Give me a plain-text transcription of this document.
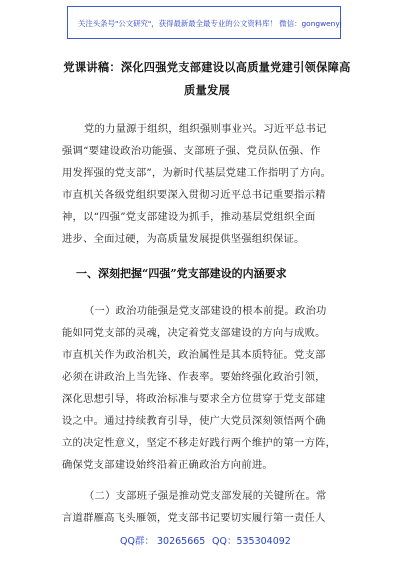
关注头条号"公文研究"，获得最新最全最专业的公文资料库！ 微信：gongwenyj
党课讲稿：深化四强党支部建设以高质量党建引领保障高
质量发展
党的力量源于组织，组织强则事业兴。习近平总书记
强调“要建设政治功能强、支部班子强、党员队伍强、作
用发挥强的党支部”，为新时代基层党建工作指明了方向。
市直机关各级党组织要深入贯彻习近平总书记重要指示精
神，以“四强”党支部建设为抓手，推动基层党组织全面
进步、全面过硬，为高质量发展提供坚强组织保证。
一、深刻把握“四强”党支部建设的内涵要求
（一）政治功能强是党支部建设的根本前提。政治功
能如同党支部的灵魂，决定着党支部建设的方向与成败。
市直机关作为政治机关，政治属性是其本质特征。党支部
必须在讲政治上当先锋、作表率。要始终强化政治引领，
深化思想引导，将政治标准与要求全方位贯穿于党支部建
设之中。通过持续教育引导，使广大党员深刻领悟两个确
立的决定性意义，坚定不移走好践行两个维护的第一方阵，
确保党支部建设始终沿着正确政治方向前进。
（二）支部班子强是推动党支部发展的关键所在。常
言道群雁高飞头雁领，党支部书记要切实履行第一责任人
QQ群： 30265665 QQ：535304092
